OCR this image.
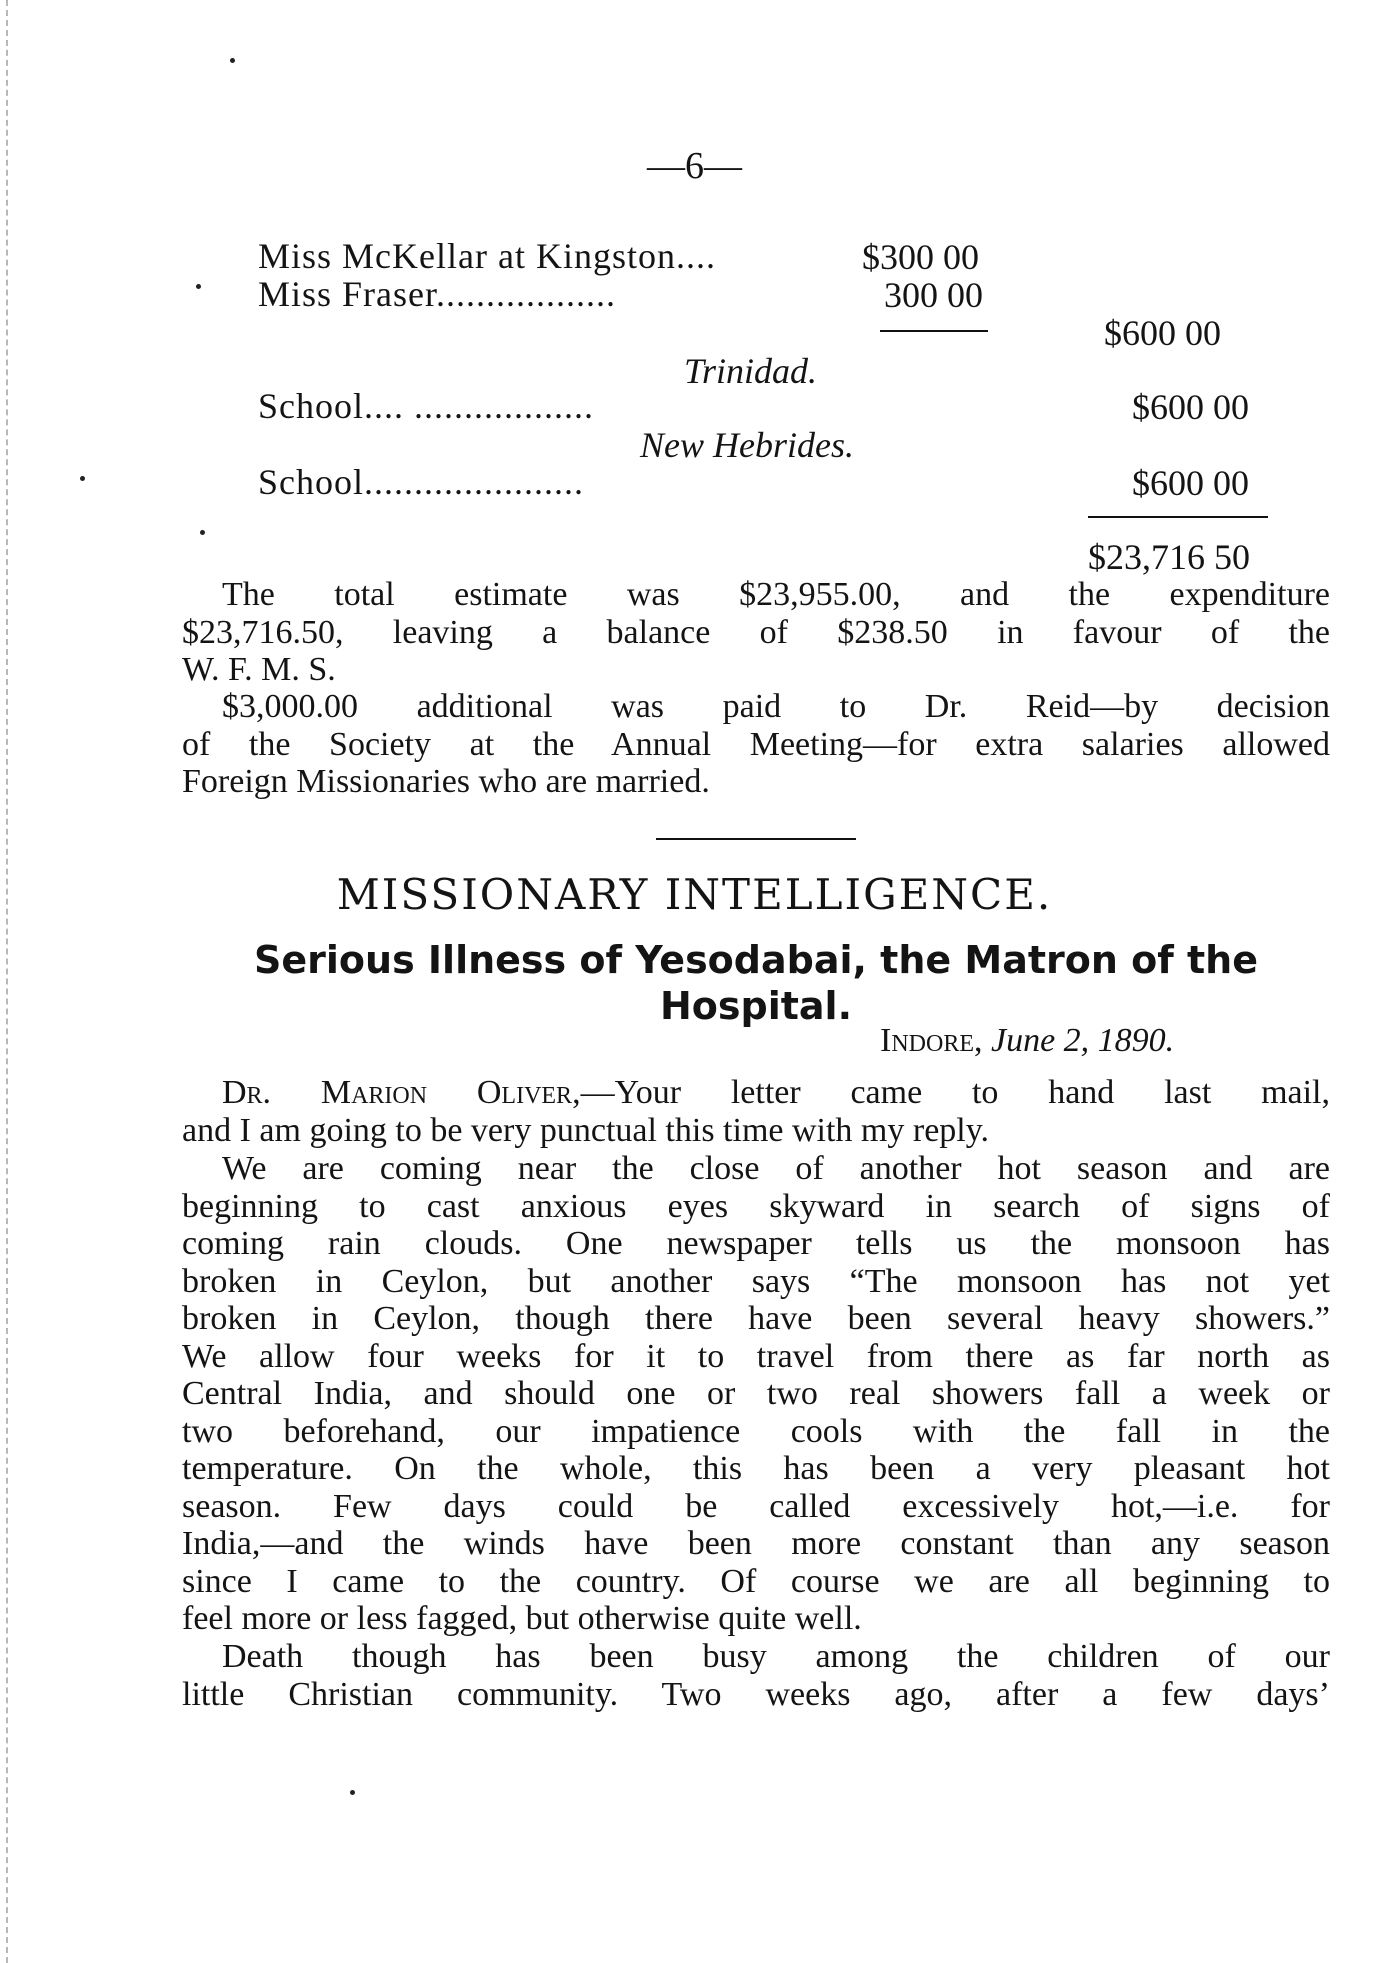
—6—
Miss McKellar at Kingston....	$300 00
Miss Fraser..................	300 00
$600 00
Trinidad.
School.... ..................	$600 00
New Hebrides.
School......................	$600 00
$23,716 50
The total estimate was $23,955.00, and the expenditure
$23,716.50, leaving a balance of $238.50 in favour of the
W. F. M. S.
$3,000.00 additional was paid to Dr. Reid—by decision
of the Society at the Annual Meeting—for extra salaries allowed
Foreign Missionaries who are married.
MISSIONARY INTELLIGENCE.
Serious Illness of Yesodabai, the Matron of the
Hospital.
Indore, June 2, 1890.
Dr. Marion Oliver,—Your letter came to hand last mail,
and I am going to be very punctual this time with my reply.
We are coming near the close of another hot season and are
beginning to cast anxious eyes skyward in search of signs of
coming rain clouds. One newspaper tells us the monsoon has
broken in Ceylon, but another says “The monsoon has not yet
broken in Ceylon, though there have been several heavy showers.”
We allow four weeks for it to travel from there as far north as
Central India, and should one or two real showers fall a week or
two beforehand, our impatience cools with the fall in the
temperature. On the whole, this has been a very pleasant hot
season. Few days could be called excessively hot,—i.e. for
India,—and the winds have been more constant than any season
since I came to the country. Of course we are all beginning to
feel more or less fagged, but otherwise quite well.
Death though has been busy among the children of our
little Christian community. Two weeks ago, after a few days’
